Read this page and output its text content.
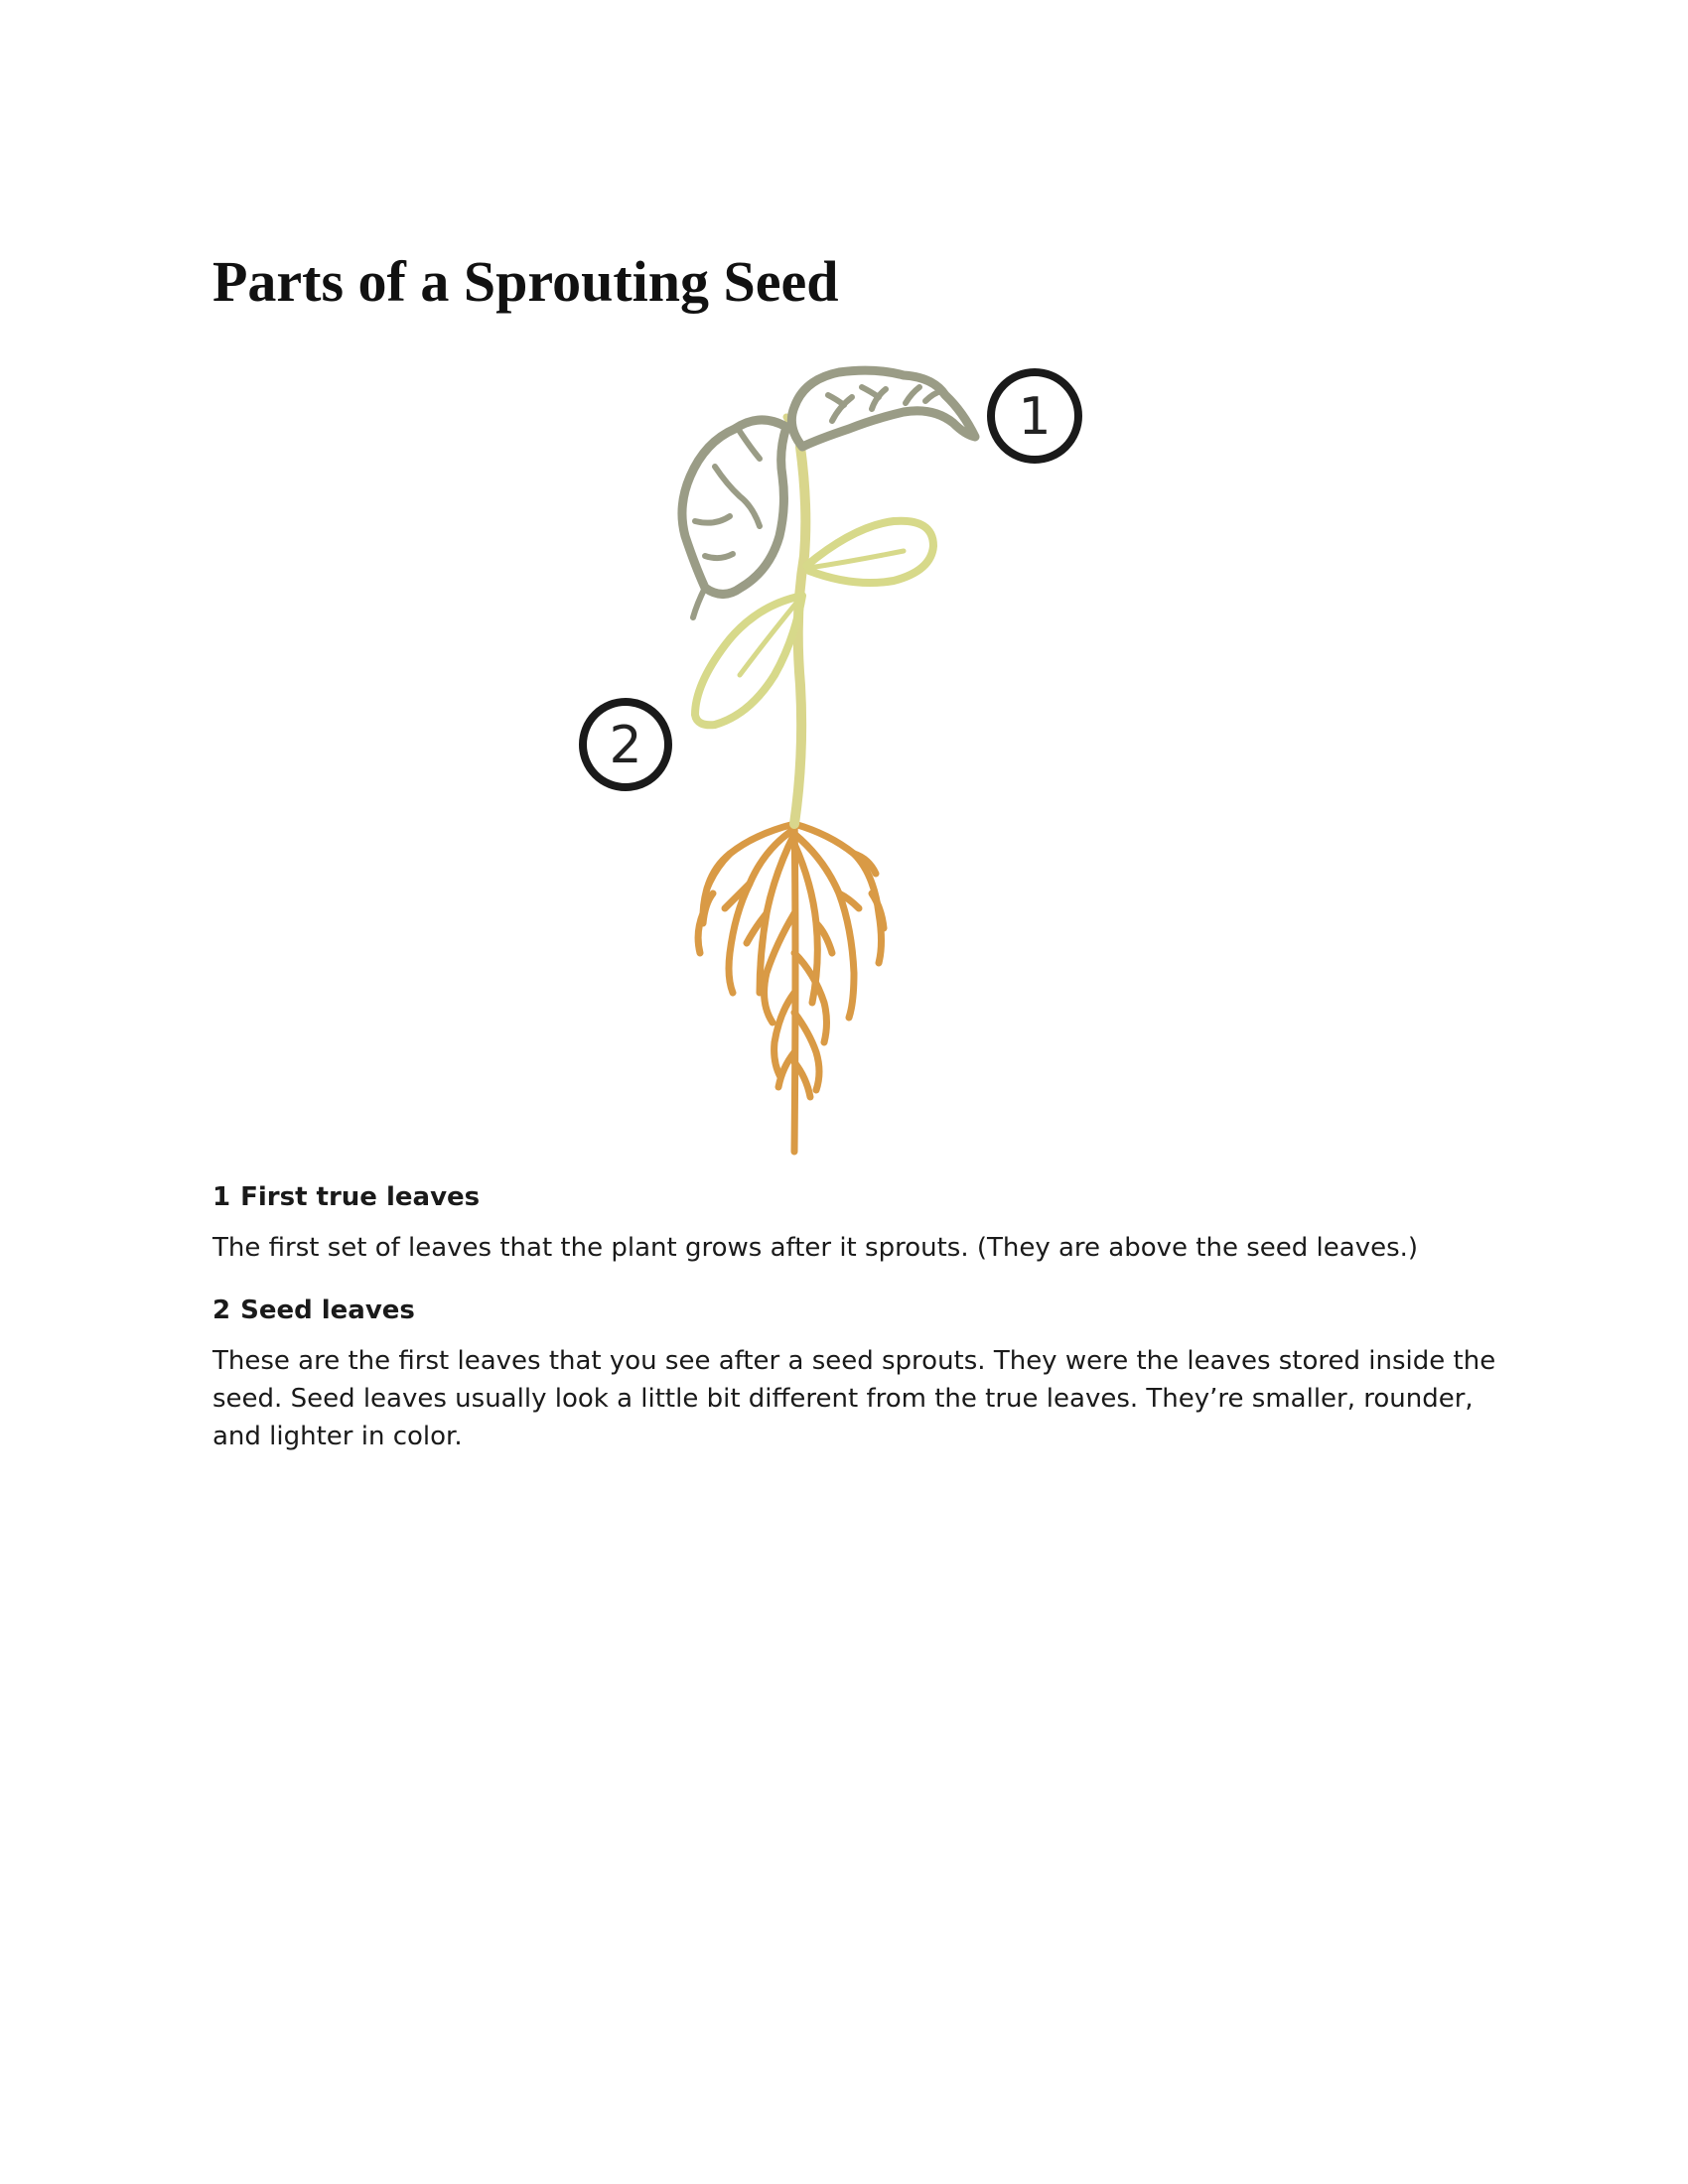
Parts of a Sprouting Seed
1
2

1 First true leaves

The first set of leaves that the plant grows after it sprouts. (They are above the seed leaves.)

2 Seed leaves

These are the first leaves that you see after a seed sprouts. They were the leaves stored inside the seed. Seed leaves usually look a little bit different from the true leaves. They’re smaller, rounder, and lighter in color.
